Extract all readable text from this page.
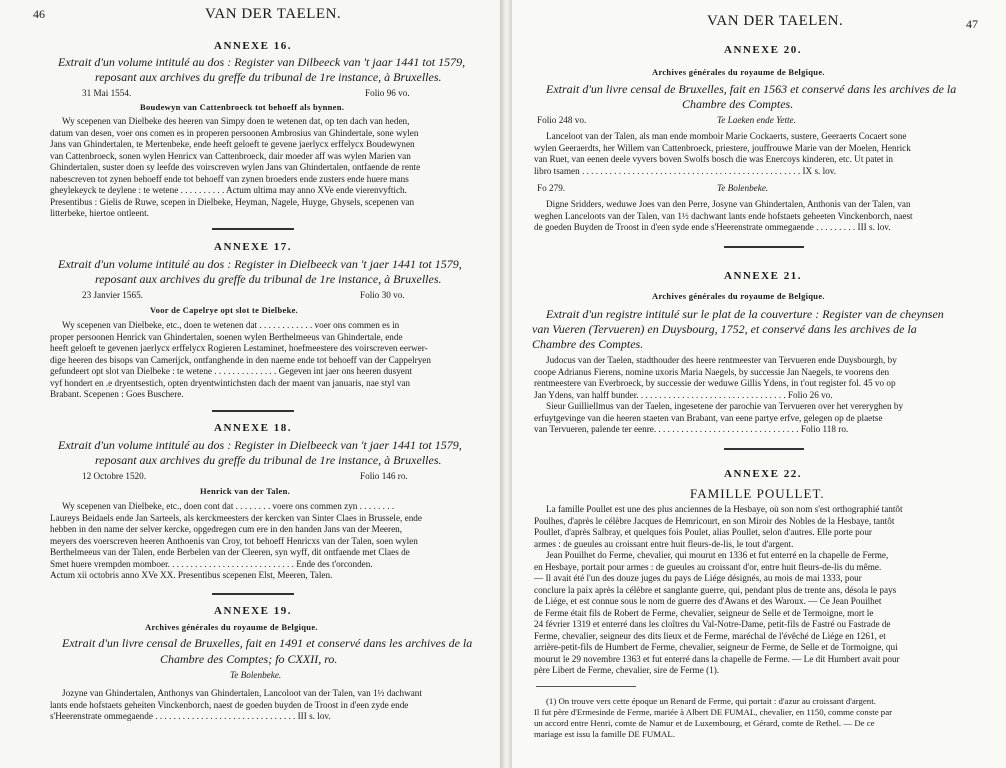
46	VAN DER TAELEN.
ANNEXE 16.
Extrait d'un volume intitulé au dos : Register van Dilbeeck van 't jaar 1441 tot 1579,
reposant aux archives du greffe du tribunal de 1re instance, à Bruxelles.
31 Mai 1554.	Folio 96 vo.
Boudewyn van Cattenbroeck tot behoeff als bynnen.
Wy scepenen van Dielbeke des heeren van Simpy doen te wetenen dat, op ten dach van heden,
datum van desen, voer ons comen es in properen persoonen Ambrosius van Ghindertale, sone wylen
Jans van Ghindertalen, te Mertenbeke, ende heeft geloeft te gevene jaerlycx erffelycx Boudewynen
van Cattenbroeck, sonen wylen Henricx van Cattenbroeck, dair moeder aff was wylen Marien van
Ghindertalen, suster doen sy leefde des voirscreven wylen Jans van Ghindertalen, ontfaende de rente
nabescreven tot zynen behoeff ende tot behoeff van zynen broeders ende zusters ende huere mans
gheylekeyck te deylene : te wetene . . . . . . . . . . Actum ultima may anno XVe ende vierenvyftich.
Presentibus : Gielis de Ruwe, scepen in Dielbeke, Heyman, Nagele, Huyge, Ghysels, scepenen van
litterbeke, hiertoe ontleent.
ANNEXE 17.
Extrait d'un volume intitulé au dos : Register in Dielbeeck van 't jaer 1441 tot 1579,
reposant aux archives du greffe du tribunal de 1re instance, à Bruxelles.
23 Janvier 1565.	Folio 30 vo.
Voor de Capelrye opt slot te Dielbeke.
Wy scepenen van Dielbeke, etc., doen te wetenen dat . . . . . . . . . . . . voer ons commen es in
proper persoonen Henrick van Ghindertalen, soenen wylen Berthelmeeus van Ghindertale, ende
heeft geloeft te gevenen jaerlycx erffelycx Rogieren Lestaminet, hoefmeestere des voirscreven eerwer-
dige heeren des bisops van Camerijck, ontfanghende in den naeme ende tot behoeff van der Cappelryen
gefundeert opt slot van Dielbeke : te wetene . . . . . . . . . . . . . . Gegeven int jaer ons heeren dusyent
vyf hondert en .e dryentsestich, opten dryentwintichsten dach der maent van januaris, nae styl van
Brabant. Scepenen : Goes Buschere.
ANNEXE 18.
Extrait d'un volume intitulé au dos : Register in Dielbeeck van 't jaer 1441 tot 1579,
reposant aux archives du greffe du tribunal de 1re instance, à Bruxelles.
12 Octobre 1520.	Folio 146 ro.
Henrick van der Talen.
Wy scepenen van Dielbeke, etc., doen cont dat . . . . . . . . voere ons commen zyn . . . . . . . .
Laureys Beidaels ende Jan Sarteels, als kerckmeesters der kercken van Sinter Claes in Brussele, ende
hebben in den name der selver kercke, opgedregen cum ere in den handen Jans van der Meeren,
meyers des voerscreven heeren Anthoenis van Croy, tot behoeff Henricxs van der Talen, soen wylen
Berthelmeeus van der Talen, ende Berbelen van der Cleeren, syn wyff, dit ontfaende met Claes de
Smet huere vrempden momboer. . . . . . . . . . . . . . . . . . . . . . . . . . . . Ende des t'orconden.
Actum xii octobris anno XVe XX. Presentibus scepenen Elst, Meeren, Talen.
ANNEXE 19.
Archives générales du royaume de Belgique.
Extrait d'un livre censal de Bruxelles, fait en 1491 et conservé dans les archives de la
Chambre des Comptes; fo CXXII, ro.
Te Bolenbeke.
Jozyne van Ghindertalen, Anthonys van Ghindertalen, Lancoloot van der Talen, van 1½ dachwant
lants ende hofstaets geheiten Vinckenborch, naest de goeden buyden de Troost in d'een zyde ende
s'Heerenstrate ommegaende . . . . . . . . . . . . . . . . . . . . . . . . . . . . . . . III s. lov.
VAN DER TAELEN.	47
ANNEXE 20.
Archives générales du royaume de Belgique.
Extrait d'un livre censal de Bruxelles, fait en 1563 et conservé dans les archives de la
Chambre des Comptes.
Folio 248 vo.	Te Laeken ende Yette.
Lanceloot van der Talen, als man ende momboir Marie Cockaerts, sustere, Geeraerts Cocaert sone
wylen Geeraerdts, her Willem van Cattenbroeck, priestere, jouffrouwe Marie van der Moelen, Henrick
van Ruet, van eenen deele vyvers boven Swolfs bosch die was Enercoys kinderen, etc. Ut patet in
libro tsamen . . . . . . . . . . . . . . . . . . . . . . . . . . . . . . . . . . . . . . . . . . . . . . . . IX s. lov.
Fo 279.	Te Bolenbeke.
Digne Sridders, weduwe Joes van den Perre, Josyne van Ghindertalen, Anthonis van der Talen, van
weghen Lanceloots van der Talen, van 1½ dachwant lants ende hofstaets geheeten Vinckenborch, naest
de goeden Buyden de Troost in d'een syde ende s'Heerenstrate ommegaende . . . . . . . . . III s. lov.
ANNEXE 21.
Archives générales du royaume de Belgique.
Extrait d'un registre intitulé sur le plat de la couverture : Register van de cheynsen
van Vueren (Tervueren) en Duysbourg, 1752, et conservé dans les archives de la
Chambre des Comptes.
Judocus van der Taelen, stadthouder des heere rentmeester van Tervueren ende Duysbourgh, by
coope Adrianus Fierens, nomine uxoris Maria Naegels, by successie Jan Naegels, te voorens den
rentmeestere van Everbroeck, by successie der weduwe Gillis Ydens, in t'out register fol. 45 vo op
Jan Ydens, van halff bunder. . . . . . . . . . . . . . . . . . . . . . . . . . . . . . . . . Folio 26 vo.
Sieur Guilliellmus van der Taelen, ingesetene der parochie van Tervueren over het vereryghen by
erfuytgevinge van die heeren staeten van Brabant, van eene partye erfve, gelegen op de plaetse
van Tervueren, palende ter eenre. . . . . . . . . . . . . . . . . . . . . . . . . . . . . . . . Folio 118 ro.
ANNEXE 22.
FAMILLE POULLET.
La famille Poullet est une des plus anciennes de la Hesbaye, où son nom s'est orthographié tantôt
Poulhes, d'après le célèbre Jacques de Hemricourt, en son Miroir des Nobles de la Hesbaye, tantôt
Poullet, d'après Salbray, et quelques fois Poulet, alias Poullet, selon d'autres. Elle porte pour
armes : de gueules au croissant entre huit fleurs-de-lis, le tout d'argent.
Jean Pouilhet do Ferme, chevalier, qui mourut en 1336 et fut enterré en la chapelle de Ferme,
en Hesbaye, portait pour armes : de gueules au croissant d'or, entre huit fleurs-de-lis du même.
— Il avait été l'un des douze juges du pays de Liége désignés, au mois de mai 1333, pour
conclure la paix après la célèbre et sanglante guerre, qui, pendant plus de trente ans, désola le pays
de Liége, et est connue sous le nom de guerre des d'Awans et des Waroux. — Ce Jean Pouilhet
de Ferme était fils de Robert de Ferme, chevalier, seigneur de Selle et de Termoigne, mort le
24 février 1319 et enterré dans les cloîtres du Val-Notre-Dame, petit-fils de Fastré ou Fastrade de
Ferme, chevalier, seigneur des dits lieux et de Ferme, maréchal de l'évêché de Liége en 1261, et
arrière-petit-fils de Humbert de Ferme, chevalier, seigneur de Ferme, de Selle et de Tormoigne, qui
mourut le 29 novembre 1363 et fut enterré dans la chapelle de Ferme. — Le dit Humbert avait pour
père Libert de Ferme, chevalier, sire de Ferme (1).
(1) On trouve vers cette époque un Renard de Ferme, qui portait : d'azur au croissant d'argent.
Il fut père d'Ermesinde de Ferme, mariée à Albert DE FUMAL, chevalier, en 1150, comme conste par
un accord entre Henri, comte de Namur et de Luxembourg, et Gérard, comte de Rethel. — De ce
mariage est issu la famille DE FUMAL.
